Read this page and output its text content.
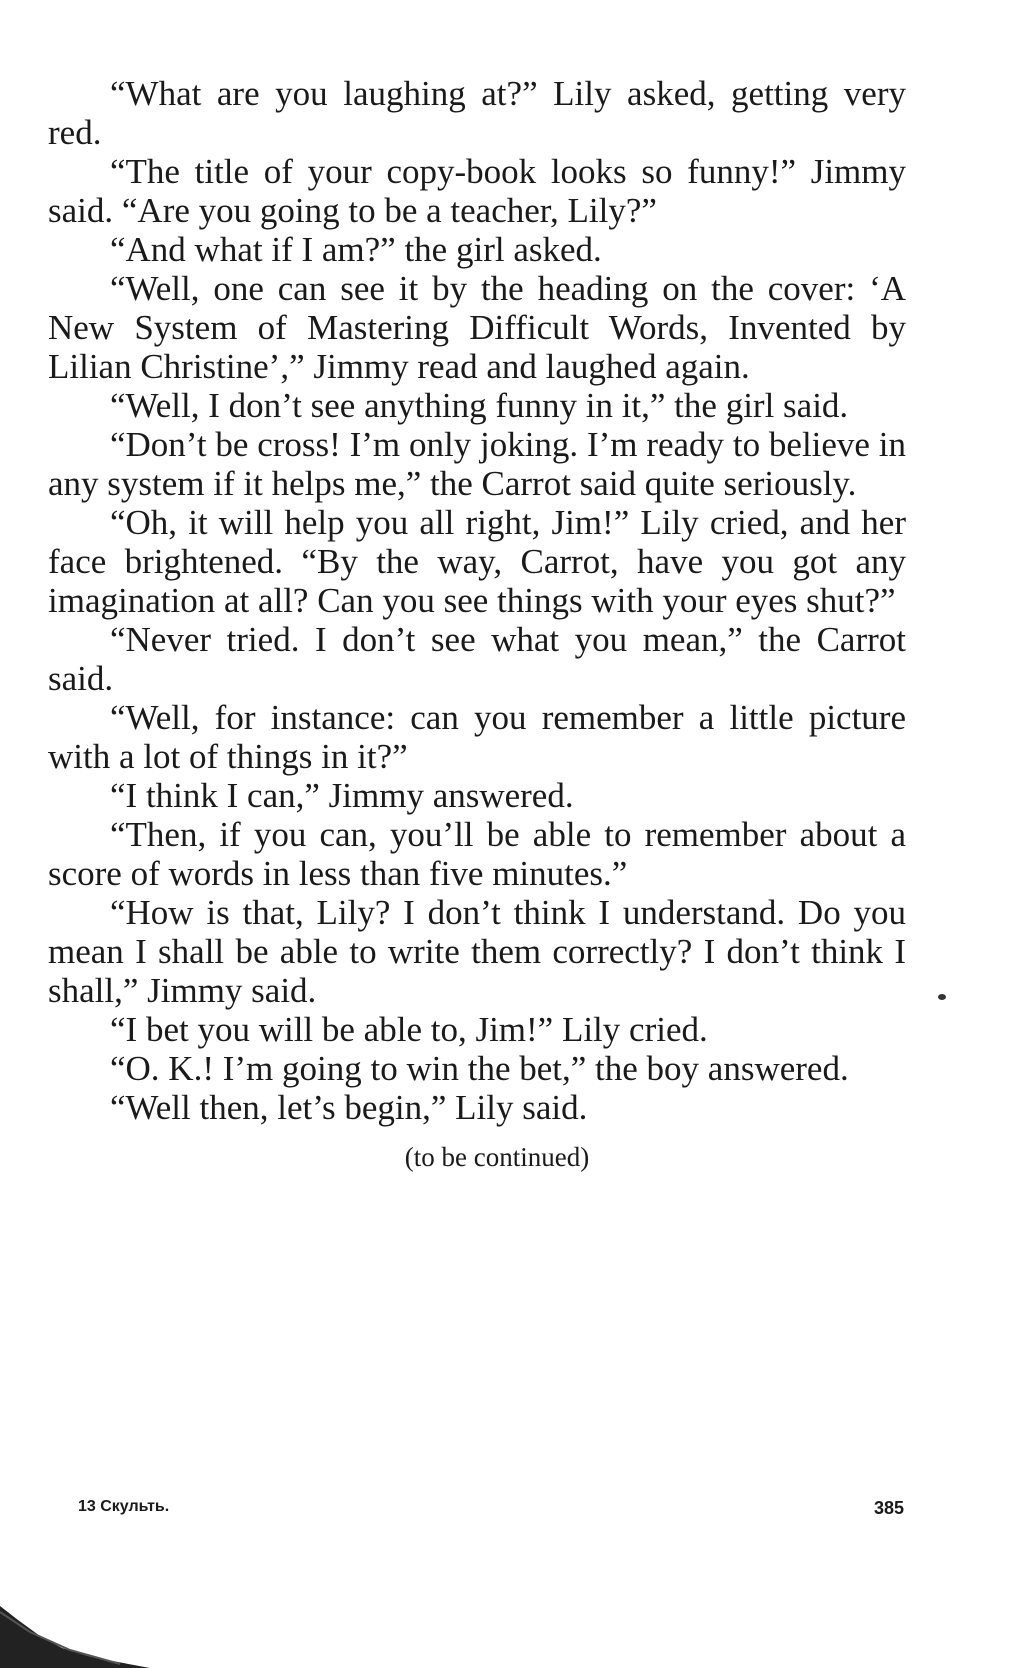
“What are you laughing at?” Lily asked, getting very red.

“The title of your copy-book looks so funny!” Jimmy said. “Are you going to be a teacher, Lily?”

“And what if I am?” the girl asked.

“Well, one can see it by the heading on the cover: ‘A New System of Mastering Difficult Words, Invented by Lilian Christine’,” Jimmy read and laughed again.

“Well, I don’t see anything funny in it,” the girl said.

“Don’t be cross! I’m only joking. I’m ready to believe in any system if it helps me,” the Carrot said quite seriously.

“Oh, it will help you all right, Jim!” Lily cried, and her face brightened. “By the way, Carrot, have you got any imagination at all? Can you see things with your eyes shut?”

“Never tried. I don’t see what you mean,” the Carrot said.

“Well, for instance: can you remember a little picture with a lot of things in it?”

“I think I can,” Jimmy answered.

“Then, if you can, you’ll be able to remember about a score of words in less than five minutes.”

“How is that, Lily? I don’t think I understand. Do you mean I shall be able to write them correctly? I don’t think I shall,” Jimmy said.

“I bet you will be able to, Jim!” Lily cried.

“O. K.! I’m going to win the bet,” the boy answered.

“Well then, let’s begin,” Lily said.

(to be continued)
13 Скульть.	385
